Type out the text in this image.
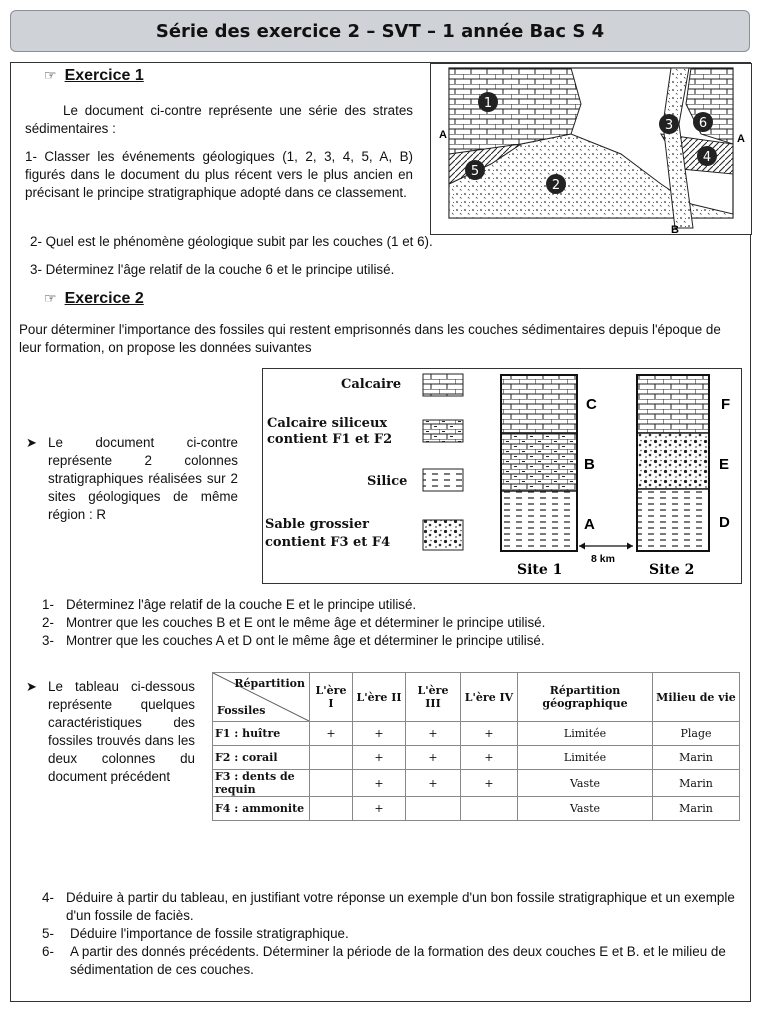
Série des exercice 2 – SVT – 1 année Bac S 4
☞ Exercice 1
Le document ci-contre représente une série des strates sédimentaires :
1- Classer les événements géologiques (1, 2, 3, 4, 5, A, B) figurés dans le document du plus récent vers le plus ancien en précisant le principe stratigraphique adopté dans ce classement.
1
2
3
4
5
6
A	A
B
2- Quel est le phénomène géologique subit par les couches (1 et 6).
3- Déterminez l'âge relatif de la couche 6 et le principe utilisé.
☞ Exercice 2
Pour déterminer l'importance des fossiles qui restent emprisonnés dans les couches sédimentaires depuis l'époque de leur formation, on propose les données suivantes
➤ Le document ci-contre représente 2 colonnes stratigraphiques réalisées sur 2 sites géologiques de même région : R
Calcaire
Calcaire siliceux
contient F1 et F2
Silice
Sable grossier
contient F3 et F4
C
B
A
Site 1
F
E
D
Site 2
8 km
1- Déterminez l'âge relatif de la couche E et le principe utilisé.
2- Montrer que les couches B et E ont le même âge et déterminer le principe utilisé.
3- Montrer que les couches A et D ont le même âge et déterminer le principe utilisé.
➤ Le tableau ci-dessous représente quelques caractéristiques des fossiles trouvés dans les deux colonnes du document précédent
Répartition
Fossiles	L'ère I	L'ère II	L'ère III	L'ère IV	Répartition géographique	Milieu de vie
F1 : huître	+	+	+	+	Limitée	Plage
F2 : corail		+	+	+	Limitée	Marin
F3 : dents de requin		+	+	+	Vaste	Marin
F4 : ammonite		+			Vaste	Marin
4- Déduire à partir du tableau, en justifiant votre réponse un exemple d'un bon fossile stratigraphique et un exemple d'un fossile de faciès.
5-	Déduire l'importance de fossile stratigraphique.
6-	A partir des donnés précédents. Déterminer la période de la formation des deux couches E et B. et le milieu de sédimentation de ces couches.
